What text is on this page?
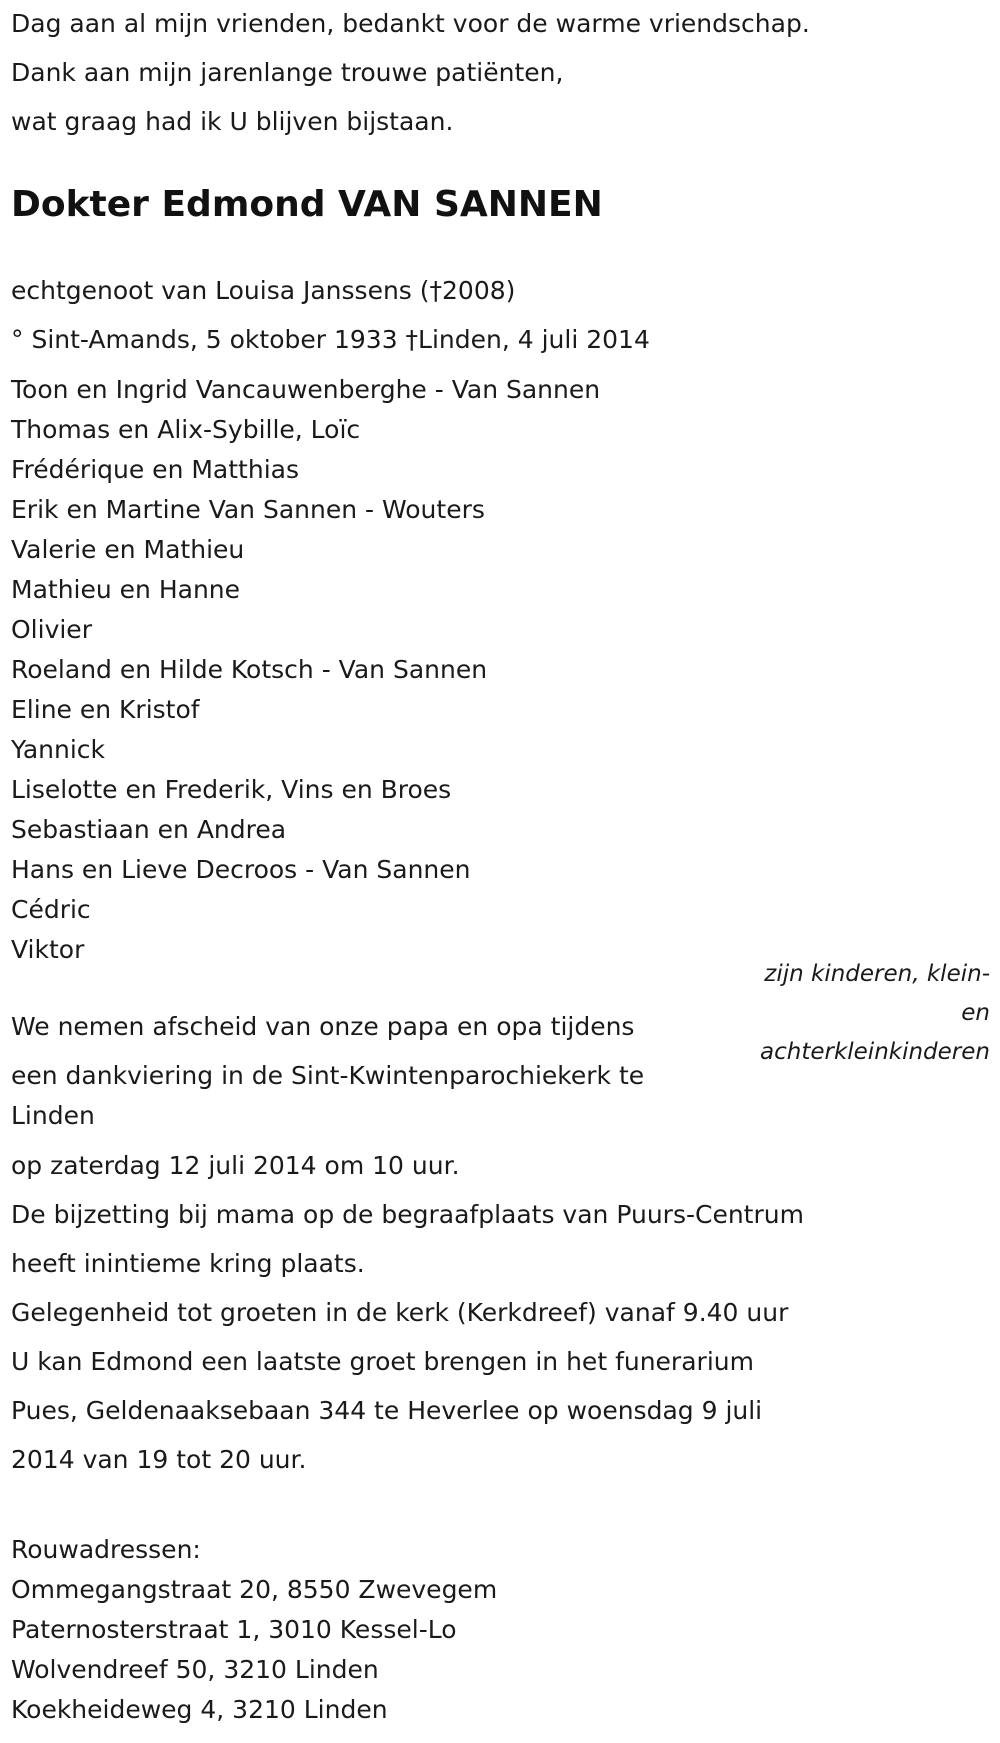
Dag aan al mijn vrienden, bedankt voor de warme vriendschap.
Dank aan mijn jarenlange trouwe patiënten,
wat graag had ik U blijven bijstaan.
Dokter Edmond VAN SANNEN
echtgenoot van Louisa Janssens (†2008)
° Sint-Amands, 5 oktober 1933 †Linden, 4 juli 2014
Toon en Ingrid Vancauwenberghe - Van Sannen
Thomas en Alix-Sybille, Loïc
Frédérique en Matthias
Erik en Martine Van Sannen - Wouters
Valerie en Mathieu
Mathieu en Hanne
Olivier
Roeland en Hilde Kotsch - Van Sannen
Eline en Kristof
Yannick
Liselotte en Frederik, Vins en Broes
Sebastiaan en Andrea
Hans en Lieve Decroos - Van Sannen
Cédric
Viktor
zijn kinderen, klein-
en
achterkleinkinderen
We nemen afscheid van onze papa en opa tijdens
een dankviering in de Sint-Kwintenparochiekerk te
Linden
op zaterdag 12 juli 2014 om 10 uur.
De bijzetting bij mama op de begraafplaats van Puurs-Centrum
heeft inintieme kring plaats.
Gelegenheid tot groeten in de kerk (Kerkdreef) vanaf 9.40 uur
U kan Edmond een laatste groet brengen in het funerarium
Pues, Geldenaaksebaan 344 te Heverlee op woensdag 9 juli
2014 van 19 tot 20 uur.
Rouwadressen:
Ommegangstraat 20, 8550 Zwevegem
Paternosterstraat 1, 3010 Kessel-Lo
Wolvendreef 50, 3210 Linden
Koekheideweg 4, 3210 Linden
